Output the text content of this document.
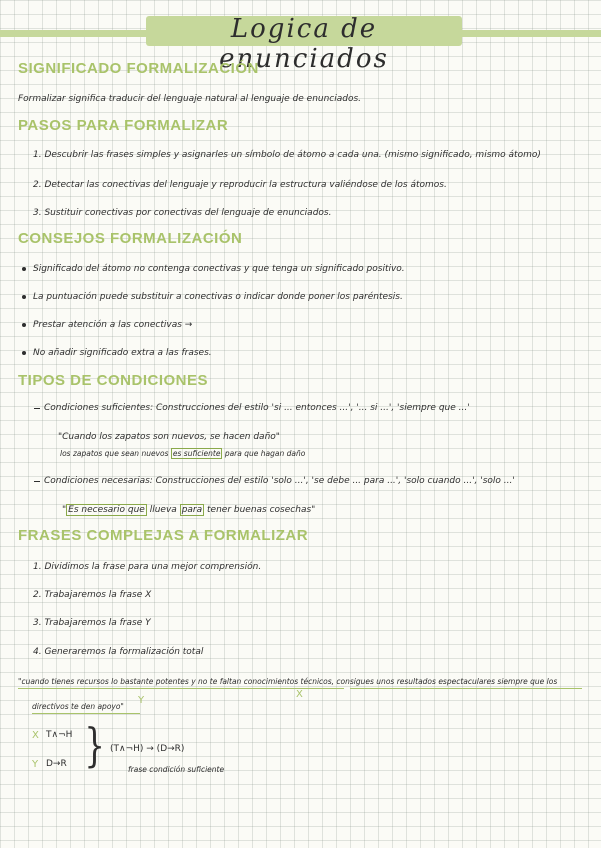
Logica de enunciados
SIGNIFICADO FORMALIZACIÓN
Formalizar significa traducir del lenguaje natural al lenguaje de enunciados.
PASOS PARA FORMALIZAR
1. Descubrir las frases simples y asignarles un símbolo de átomo a cada una. (mismo significado, mismo átomo)
2. Detectar las conectivas del lenguaje y reproducir la estructura valiéndose de los átomos.
3. Sustituir conectivas por conectivas del lenguaje de enunciados.
CONSEJOS FORMALIZACIÓN
Significado del átomo no contenga conectivas y que tenga un significado positivo.
La puntuación puede substituir a conectivas o indicar donde poner los paréntesis.
Prestar atención a las conectivas →
No añadir significado extra a las frases.
TIPOS DE CONDICIONES
Condiciones suficientes: Construcciones del estilo 'si ... entonces ...', '... si ...', 'siempre que ...'
"Cuando los zapatos son nuevos, se hacen daño"
los zapatos que sean nuevos es suficiente para que hagan daño
Condiciones necesarias: Construcciones del estilo 'solo ...', 'se debe ... para ...', 'solo cuando ...', 'solo ...'
" Es necesario que llueva para tener buenas cosechas"
FRASES COMPLEJAS A FORMALIZAR
1. Dividimos la frase para una mejor comprensión.
2. Trabajaremos la frase X
3. Trabajaremos la frase Y
4. Generaremos la formalización total
"cuando tienes recursos lo bastante potentes y no te faltan conocimientos técnicos, consigues unos resultados espectaculares siempre que los
X
directivos te den apoyo"
Y
X T∧¬H
Y D→R } (T∧¬H) → (D→R)
frase condición suficiente
